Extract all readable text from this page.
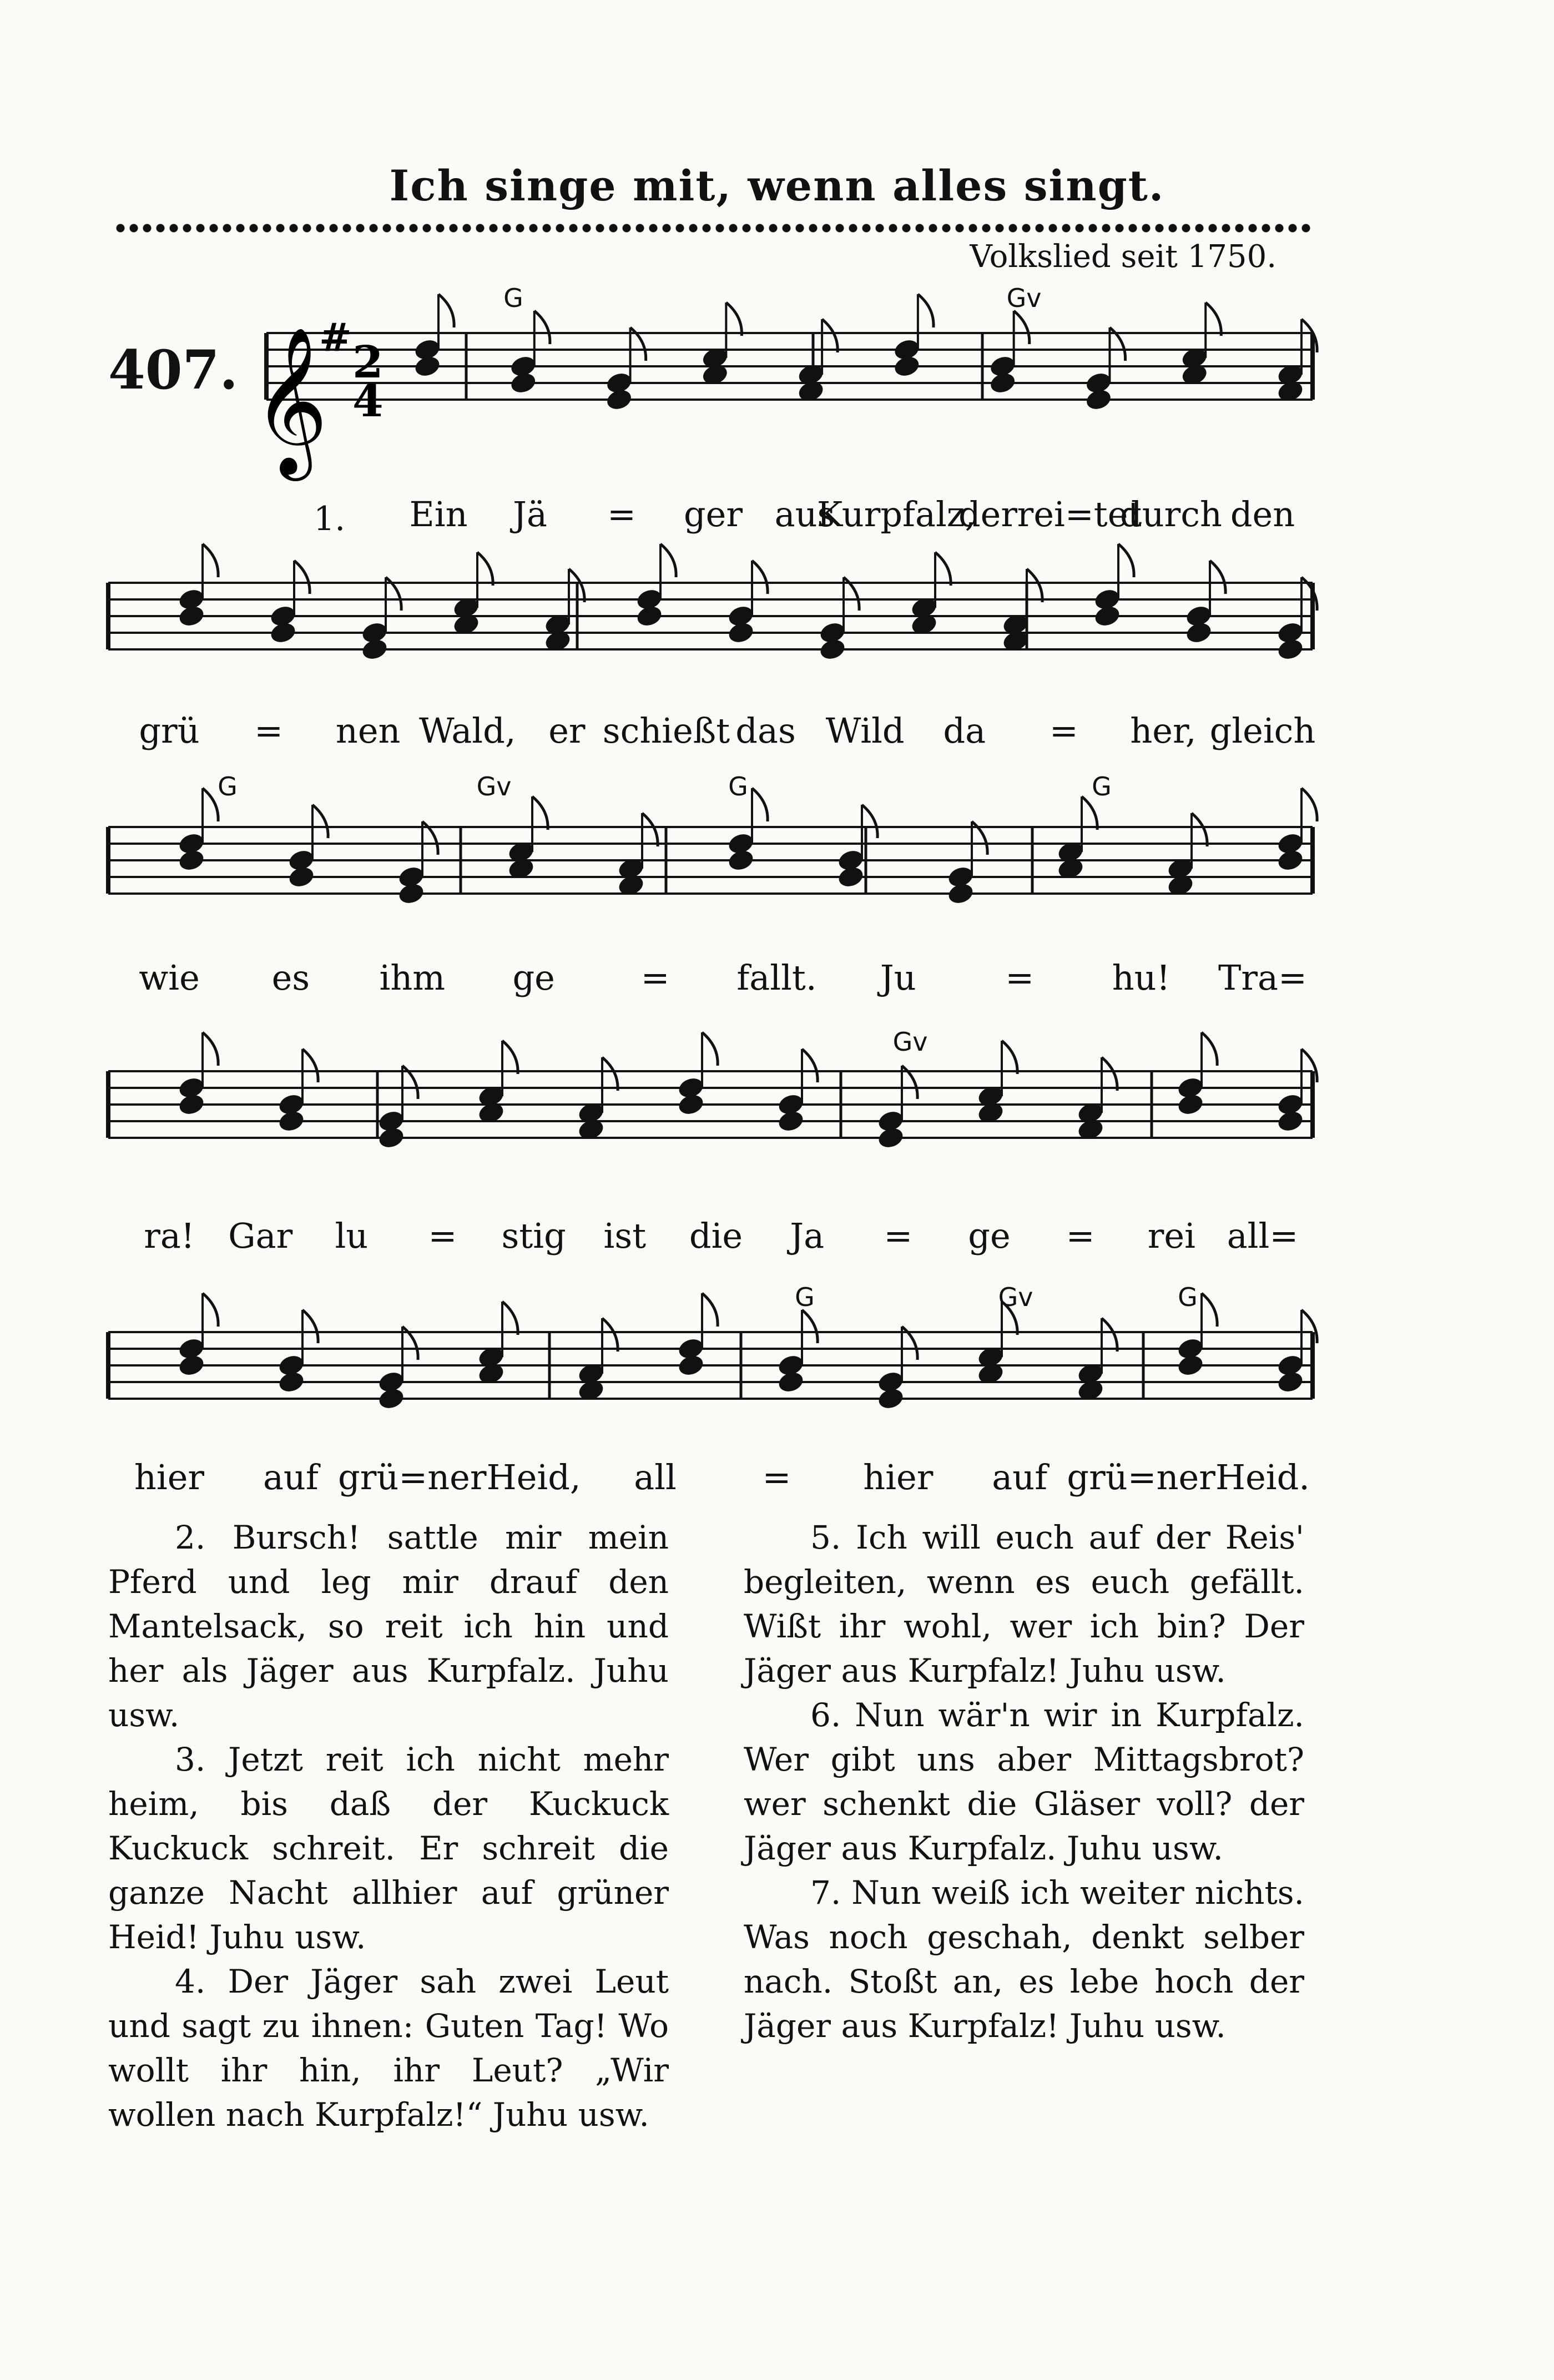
Ich singe mit, wenn alles singt.
Volkslied seit 1750.
407. 𝄞
# 2
4
1.
G	Gv
G	Gv	G	G
Gv
G	Gv	G
Ein Jä = ger aus
Kurpfalz,
der rei=tet
durch den
grü = nen Wald, er schießt das Wild da = her, gleich
wie es ihm ge = fallt. Ju	= hu! Tra=
ra! Gar lu = stig ist die Ja = ge = rei all=
hier auf grü=ner Heid, all = hier auf grü=ner Heid.

2. Bursch! sattle mir mein Pferd und leg mir drauf den Mantelsack, so reit ich hin und her als Jäger aus Kurpfalz. Juhu usw.

3. Jetzt reit ich nicht mehr heim, bis daß der Kuckuck Kuckuck schreit. Er schreit die ganze Nacht allhier auf grüner Heid! Juhu usw.

4. Der Jäger sah zwei Leut und sagt zu ihnen: Guten Tag! Wo wollt ihr hin, ihr Leut? „Wir wollen nach Kurpfalz!“ Juhu usw.

5. Ich will euch auf der Reis' begleiten, wenn es euch gefällt. Wißt ihr wohl, wer ich bin? Der Jäger aus Kurpfalz! Juhu usw.

6. Nun wär'n wir in Kurpfalz. Wer gibt uns aber Mittagsbrot? wer schenkt die Gläser voll? der Jäger aus Kurpfalz. Juhu usw.

7. Nun weiß ich weiter nichts. Was noch geschah, denkt selber nach. Stoßt an, es lebe hoch der Jäger aus Kurpfalz! Juhu usw.
